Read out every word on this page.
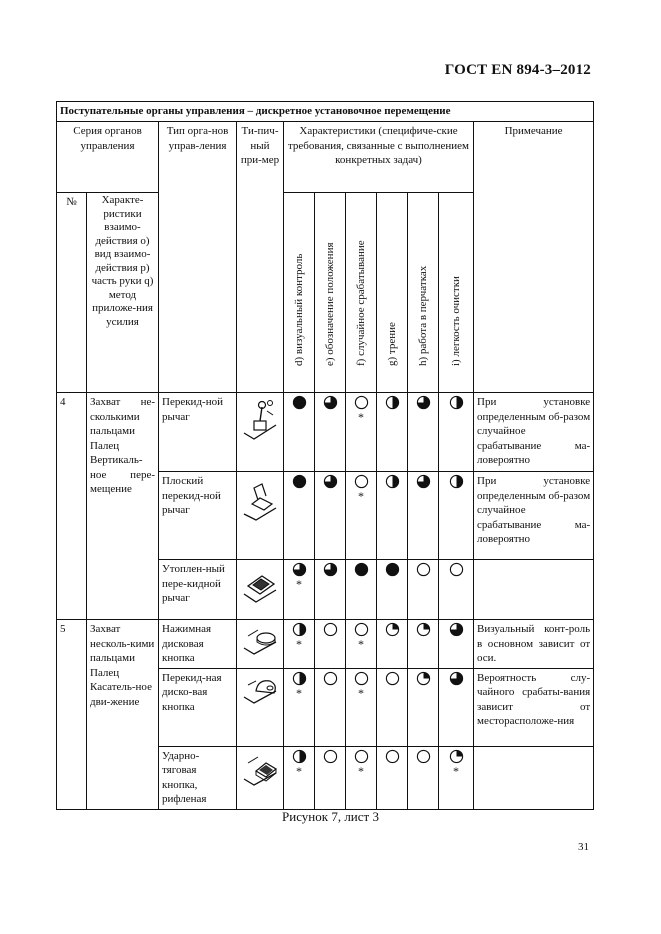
ГОСТ EN 894-3–2012
Поступательные органы управления – дискретное установочное перемещение										
Серия органов управления		Тип орга-нов управ-ления	Ти-пич-ный при-мер	Характеристики (специфиче-ские требования, связанные с выполнением конкретных задач)						Примечание
№	Характе-ристики взаимо-действия о) вид взаимо-действия р) часть руки q) метод приложе-ния усилия			d) визуальный контроль	e) обозначение положения	f) случайное срабатывание	g) трение	h) работа в перчатках	i) легкость очистки	

4	Захват не-сколькими пальцами Палец Вертикаль-ное пере-мещение	Перекид-ной рычаг				*				При установке определенным об-разом случайное срабатывание ма-ловероятно
		Плоский перекид-ной рычаг				*				При установке определенным об-разом случайное срабатывание ма-ловероятно
		Утоплен-ный пере-кидной рычаг		*

5	Захват несколь-кими пальцами Палец Касатель-ное дви-жение	Нажимная дисковая кнопка		*		*				Визуальный конт-роль в основном зависит от оси.
		Перекид-ная диско-вая кнопка		*		*				Вероятность слу-чайного срабаты-вания зависит от месторасположе-ния
		Ударно-тяговая кнопка, рифленая		*		*			*	

Рисунок 7, лист 3
31
